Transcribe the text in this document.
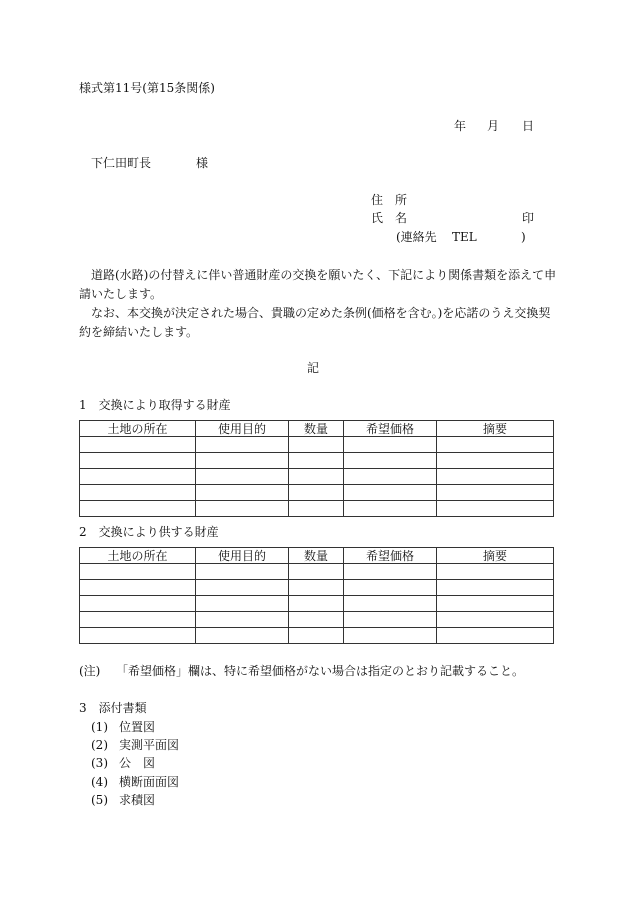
様式第11号(第15条関係)
年 月 日
下仁田町長	様
住　所
氏　名	印
(連絡先 TEL	)
道路(水路)の付替えに伴い普通財産の交換を願いたく、下記により関係書類を添えて申請いたします。
なお、本交換が決定された場合、貴職の定めた条例(価格を含む。)を応諾のうえ交換契約を締結いたします。
記
1　交換により取得する財産
土地の所在	使用目的	数量	希望価格	摘要

2　交換により供する財産
土地の所在	使用目的	数量	希望価格	摘要

(注) 「希望価格」欄は、特に希望価格がない場合は指定のとおり記載すること。
3　添付書類
(1) 位置図
(2) 実測平面図
(3) 公　図
(4) 横断面面図
(5) 求積図
